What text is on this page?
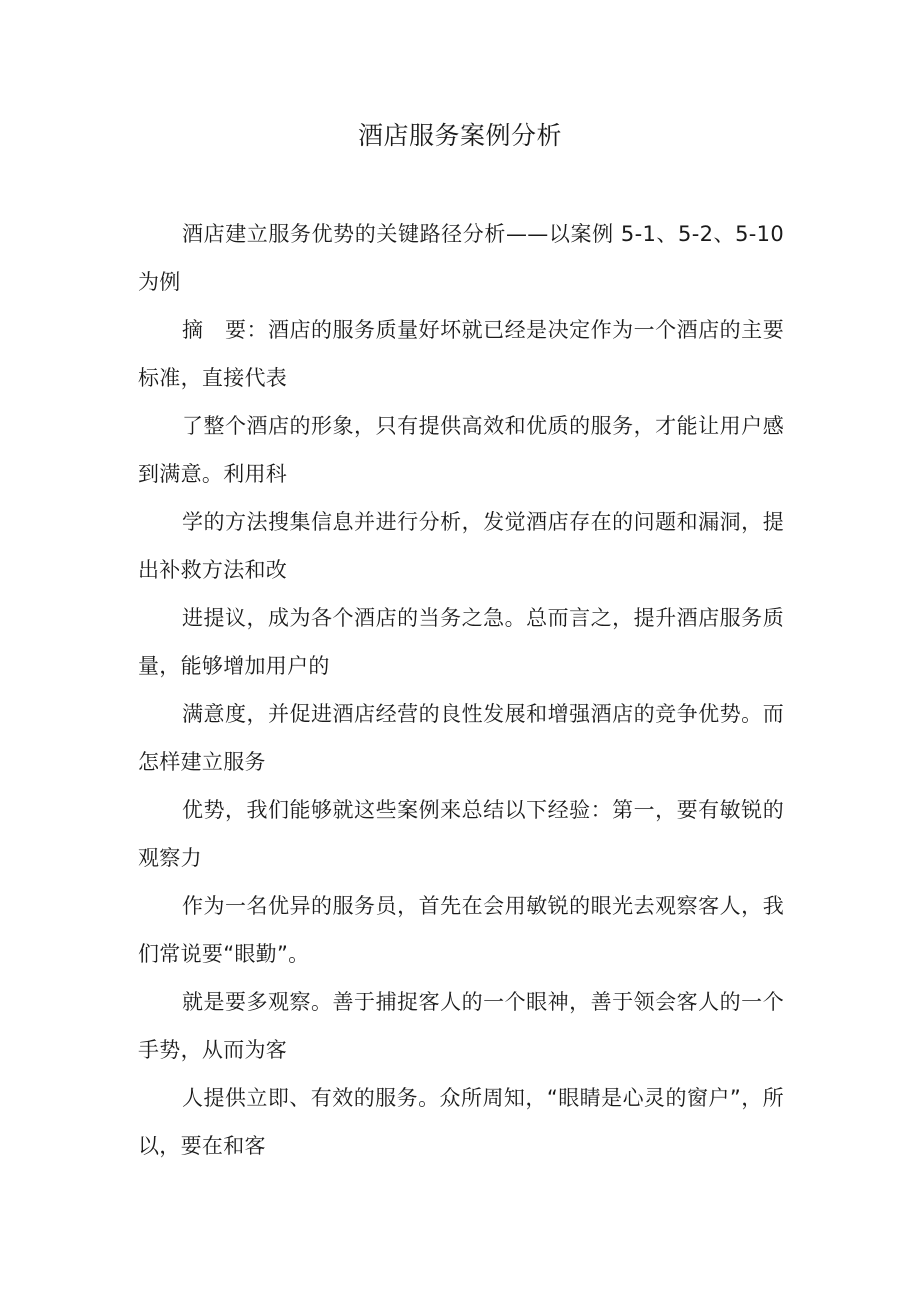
酒店服务案例分析

酒店建立服务优势的关键路径分析——以案例 5-1、5-2、5-10 为例

摘　要：酒店的服务质量好坏就已经是决定作为一个酒店的主要标准，直接代表

了整个酒店的形象，只有提供高效和优质的服务，才能让用户感到满意。利用科

学的方法搜集信息并进行分析，发觉酒店存在的问题和漏洞，提出补救方法和改

进提议，成为各个酒店的当务之急。总而言之，提升酒店服务质量，能够增加用户的

满意度，并促进酒店经营的良性发展和增强酒店的竞争优势。而怎样建立服务

优势，我们能够就这些案例来总结以下经验：第一，要有敏锐的观察力

作为一名优异的服务员，首先在会用敏锐的眼光去观察客人，我们常说要“眼勤”。

就是要多观察。善于捕捉客人的一个眼神，善于领会客人的一个手势，从而为客

人提供立即、有效的服务。众所周知，“眼睛是心灵的窗户”，所以，要在和客
